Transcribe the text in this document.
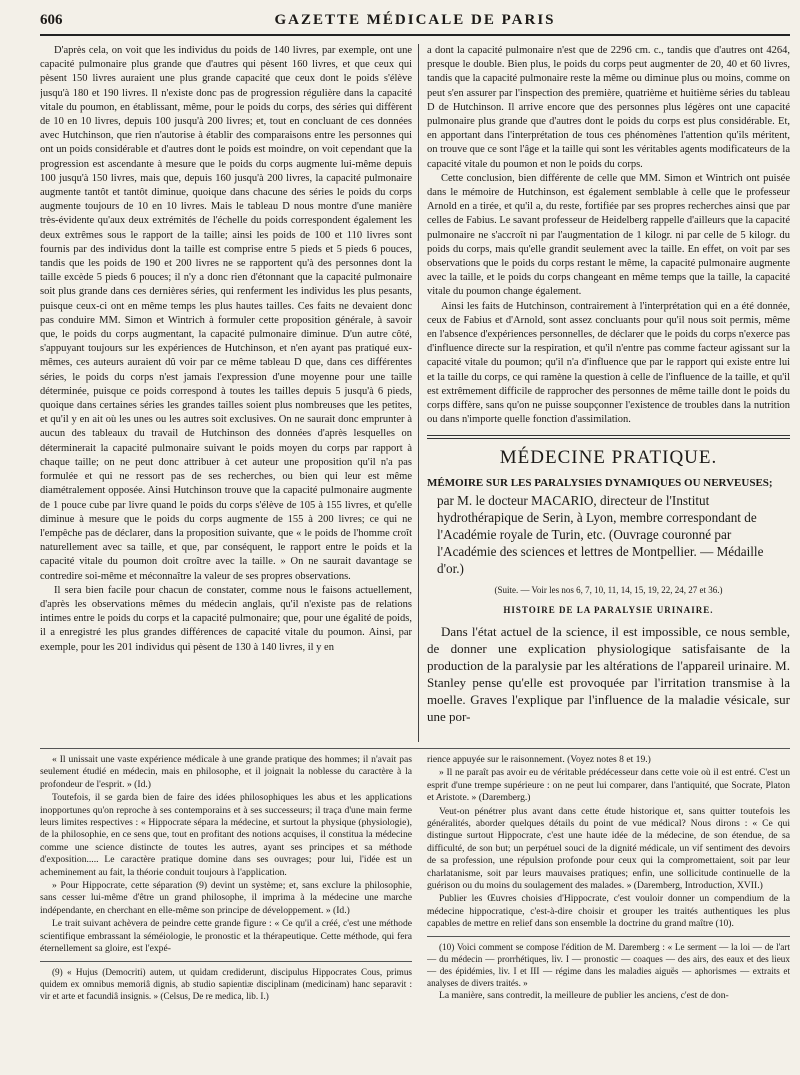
606	GAZETTE MÉDICALE DE PARIS

D'après cela, on voit que les individus du poids de 140 livres, par exemple, ont une capacité pulmonaire plus grande que d'autres qui pèsent 160 livres, et que ceux qui pèsent 150 livres auraient une plus grande capacité que ceux dont le poids s'élève jusqu'à 180 et 190 livres. Il n'existe donc pas de progression régulière dans la capacité vitale du poumon, en établissant, même, pour le poids du corps, des séries qui diffèrent de 10 en 10 livres, depuis 100 jusqu'à 200 livres; et, tout en concluant de ces données avec Hutchinson, que rien n'autorise à établir des comparaisons entre les personnes qui ont un poids considérable et d'autres dont le poids est moindre, on voit cependant que la progression est ascendante à mesure que le poids du corps augmente lui-même depuis 100 jusqu'à 150 livres, mais que, depuis 160 jusqu'à 200 livres, la capacité pulmonaire augmente tantôt et tantôt diminue, quoique dans chacune des séries le poids du corps augmente toujours de 10 en 10 livres. Mais le tableau D nous montre d'une manière très-évidente qu'aux deux extrémités de l'échelle du poids correspondent également les deux extrêmes sous le rapport de la taille; ainsi les poids de 100 et 110 livres sont fournis par des individus dont la taille est comprise entre 5 pieds et 5 pieds 6 pouces, tandis que les poids de 190 et 200 livres ne se rapportent qu'à des personnes dont la taille excède 5 pieds 6 pouces; il n'y a donc rien d'étonnant que la capacité pulmonaire soit plus grande dans ces dernières séries, qui renferment les individus les plus pesants, puisque ceux-ci ont en même temps les plus hautes tailles. Ces faits ne devaient donc pas conduire MM. Simon et Wintrich à formuler cette proposition générale, à savoir que, le poids du corps augmentant, la capacité pulmonaire diminue. D'un autre côté, s'appuyant toujours sur les expériences de Hutchinson, et n'en ayant pas pratiqué eux-mêmes, ces auteurs auraient dû voir par ce même tableau D que, dans ces différentes séries, le poids du corps n'est jamais l'expression d'une moyenne pour une taille déterminée, puisque ce poids correspond à toutes les tailles depuis 5 jusqu'à 6 pieds, quoique dans certaines séries les grandes tailles soient plus nombreuses que les petites, et qu'il y en ait où les unes ou les autres soit exclusives. On ne saurait donc emprunter à aucun des tableaux du travail de Hutchinson des données d'après lesquelles on déterminerait la capacité pulmonaire suivant le poids moyen du corps par rapport à chaque taille; on ne peut donc attribuer à cet auteur une proposition qu'il n'a pas formulée et qui ne ressort pas de ses recherches, ou bien qui leur est même diamétralement opposée. Ainsi Hutchinson trouve que la capacité pulmonaire augmente de 1 pouce cube par livre quand le poids du corps s'élève de 105 à 155 livres, et qu'elle diminue à mesure que le poids du corps augmente de 155 à 200 livres; ce qui ne l'empêche pas de déclarer, dans la proposition suivante, que « le poids de l'homme croît naturellement avec sa taille, et que, par conséquent, le rapport entre le poids et la capacité vitale du poumon doit croître avec la taille. » On ne saurait davantage se contredire soi-même et méconnaître la valeur de ses propres observations.

Il sera bien facile pour chacun de constater, comme nous le faisons actuellement, d'après les observations mêmes du médecin anglais, qu'il n'existe pas de relations intimes entre le poids du corps et la capacité pulmonaire; que, pour une égalité de poids, il a enregistré les plus grandes différences de capacité vitale du poumon. Ainsi, par exemple, pour les 201 individus qui pèsent de 130 à 140 livres, il y en

a dont la capacité pulmonaire n'est que de 2296 cm. c., tandis que d'autres ont 4264, presque le double. Bien plus, le poids du corps peut augmenter de 20, 40 et 60 livres, tandis que la capacité pulmonaire reste la même ou diminue plus ou moins, comme on peut s'en assurer par l'inspection des première, quatrième et huitième séries du tableau D de Hutchinson. Il arrive encore que des personnes plus légères ont une capacité pulmonaire plus grande que d'autres dont le poids du corps est plus considérable. Et, en apportant dans l'interprétation de tous ces phénomènes l'attention qu'ils méritent, on trouve que ce sont l'âge et la taille qui sont les véritables agents modificateurs de la capacité vitale du poumon et non le poids du corps.

Cette conclusion, bien différente de celle que MM. Simon et Wintrich ont puisée dans le mémoire de Hutchinson, est également semblable à celle que le professeur Arnold en a tirée, et qu'il a, du reste, fortifiée par ses propres recherches ainsi que par celles de Fabius. Le savant professeur de Heidelberg rappelle d'ailleurs que la capacité pulmonaire ne s'accroît ni par l'augmentation de 1 kilogr. ni par celle de 5 kilogr. du poids du corps, mais qu'elle grandit seulement avec la taille. En effet, on voit par ses observations que le poids du corps restant le même, la capacité pulmonaire augmente avec la taille, et le poids du corps changeant en même temps que la taille, la capacité vitale du poumon change également.

Ainsi les faits de Hutchinson, contrairement à l'interprétation qui en a été donnée, ceux de Fabius et d'Arnold, sont assez concluants pour qu'il nous soit permis, même en l'absence d'expériences personnelles, de déclarer que le poids du corps n'exerce pas d'influence directe sur la respiration, et qu'il n'entre pas comme facteur agissant sur la capacité vitale du poumon; qu'il n'a d'influence que par le rapport qui existe entre lui et la taille du corps, ce qui ramène la question à celle de l'influence de la taille, et qu'il est extrêmement difficile de rapprocher des personnes de même taille dont le poids du corps diffère, sans qu'on ne puisse soupçonner l'existence de troubles dans la nutrition ou dans n'importe quelle fonction d'assimilation.

MÉDECINE PRATIQUE.
MÉMOIRE SUR LES PARALYSIES DYNAMIQUES OU NERVEUSES;
par M. le docteur MACARIO, directeur de l'Institut hydrothérapique de Serin, à Lyon, membre correspondant de l'Académie royale de Turin, etc. (Ouvrage couronné par l'Académie des sciences et lettres de Montpellier. — Médaille d'or.)
(Suite. — Voir les nos 6, 7, 10, 11, 14, 15, 19, 22, 24, 27 et 36.)
HISTOIRE DE LA PARALYSIE URINAIRE.

Dans l'état actuel de la science, il est impossible, ce nous semble, de donner une explication physiologique satisfaisante de la production de la paralysie par les altérations de l'appareil urinaire. M. Stanley pense qu'elle est provoquée par l'irritation transmise à la moelle. Graves l'explique par l'influence de la maladie vésicale, sur une por-

« Il unissait une vaste expérience médicale à une grande pratique des hommes; il n'avait pas seulement étudié en médecin, mais en philosophe, et il joignait la noblesse du caractère à la profondeur de l'esprit. » (Id.)

Toutefois, il se garda bien de faire des idées philosophiques les abus et les applications inopportunes qu'on reproche à ses contemporains et à ses successeurs; il traça d'une main ferme leurs limites respectives : « Hippocrate sépara la médecine, et surtout la physique (physiologie), de la philosophie, en ce sens que, tout en profitant des notions acquises, il constitua la médecine comme une science distincte de toutes les autres, ayant ses principes et sa méthode d'exposition..... Le caractère pratique domine dans ses ouvrages; pour lui, l'idée est un acheminement au fait, la théorie conduit toujours à l'application.

» Pour Hippocrate, cette séparation (9) devint un système; et, sans exclure la philosophie, sans cesser lui-même d'être un grand philosophe, il imprima à la médecine une marche indépendante, en cherchant en elle-même son principe de développement. » (Id.)

Le trait suivant achèvera de peindre cette grande figure : « Ce qu'il a créé, c'est une méthode scientifique embrassant la séméiologie, le pronostic et la thérapeutique. Cette méthode, qui fera éternellement sa gloire, est l'expé-

(9) « Hujus (Democriti) autem, ut quidam crediderunt, discipulus Hippocrates Cous, primus quidem ex omnibus memoriâ dignis, ab studio sapientiæ disciplinam (medicinam) hanc separavit : vir et arte et facundiâ insignis. » (Celsus, De re medica, lib. I.)

rience appuyée sur le raisonnement. (Voyez notes 8 et 19.)

» Il ne paraît pas avoir eu de véritable prédécesseur dans cette voie où il est entré. C'est un esprit d'une trempe supérieure : on ne peut lui comparer, dans l'antiquité, que Socrate, Platon et Aristote. » (Daremberg.)

Veut-on pénétrer plus avant dans cette étude historique et, sans quitter toutefois les généralités, aborder quelques détails du point de vue médical? Nous dirons : « Ce qui distingue surtout Hippocrate, c'est une haute idée de la médecine, de son étendue, de sa difficulté, de son but; un perpétuel souci de la dignité médicale, un vif sentiment des devoirs de sa profession, une répulsion profonde pour ceux qui la compromettaient, soit par leur charlatanisme, soit par leurs mauvaises pratiques; enfin, une sollicitude continuelle de la guérison ou du moins du soulagement des malades. » (Daremberg, Introduction, XVII.)

Publier les Œuvres choisies d'Hippocrate, c'est vouloir donner un compendium de la médecine hippocratique, c'est-à-dire choisir et grouper les traités authentiques les plus capables de mettre en relief dans son ensemble la doctrine du grand maître (10).

(10) Voici comment se compose l'édition de M. Daremberg : « Le serment — la loi — de l'art — du médecin — prorrhétiques, liv. I — pronostic — coaques — des airs, des eaux et des lieux — des épidémies, liv. I et III — régime dans les maladies aiguës — aphorismes — extraits et analyses de divers traités. »

La manière, sans contredit, la meilleure de publier les anciens, c'est de don-
